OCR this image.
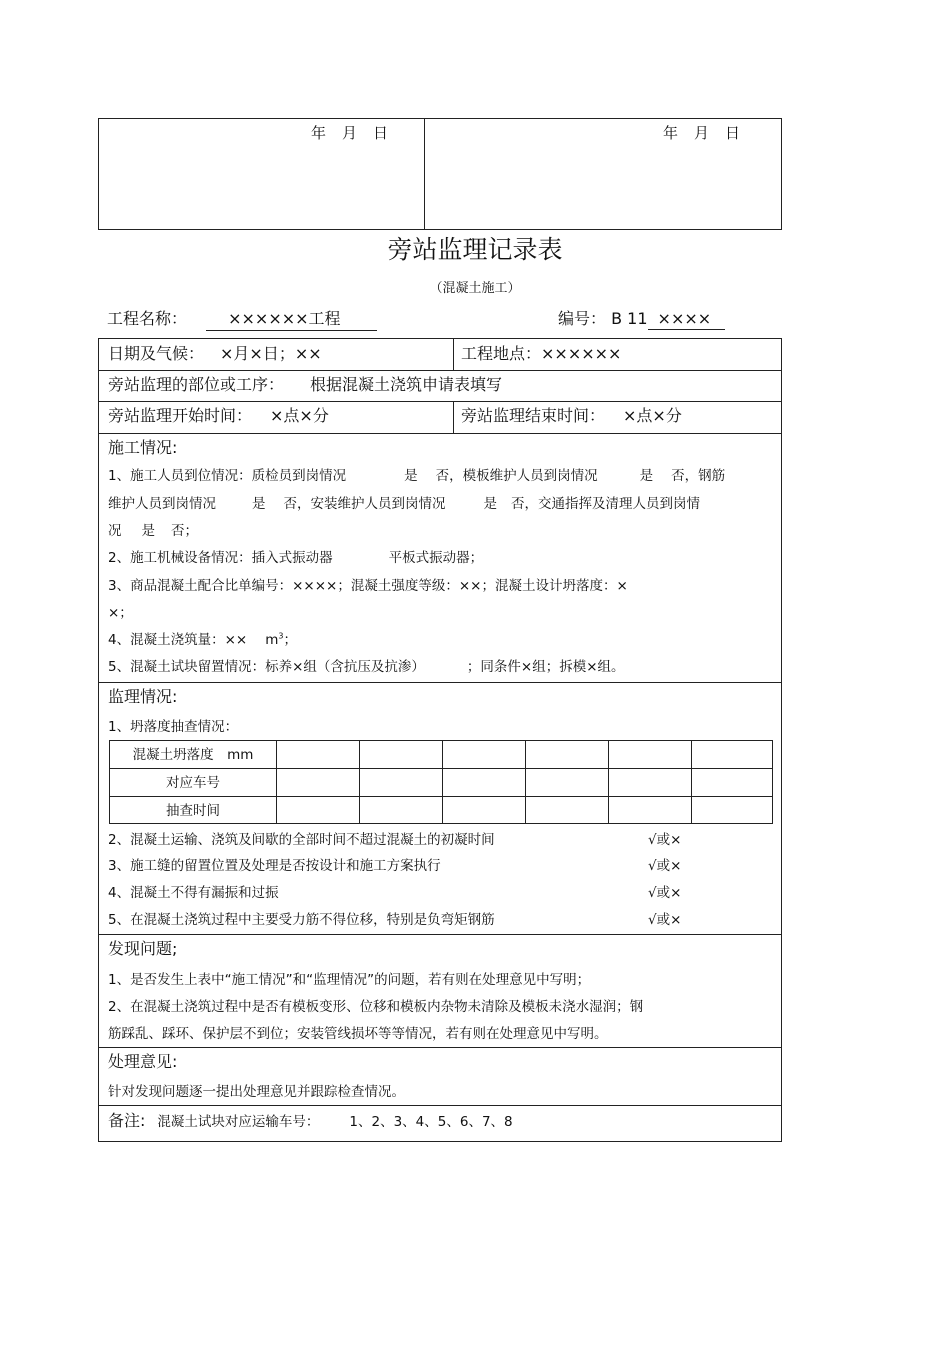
年 月 日	年 月 日
旁站监理记录表
（混凝土施工）
工程名称：	××××××工程	编号： B 11 ××××
日期及气候： ×月×日；××	工程地点：××××××
旁站监理的部位或工序： 根据混凝土浇筑申请表填写
旁站监理开始时间： ×点×分	旁站监理结束时间： ×点×分
施工情况:
1、施工人员到位情况：质检员到岗情况	是 否，模板维护人员到岗情况	是 否，钢筋
维护人员到岗情况	是 否，安装维护人员到岗情况	是 否，交通指挥及清理人员到岗情
况 是 否；
2、施工机械设备情况：插入式振动器	平板式振动器；
3、商品混凝土配合比单编号：××××；混凝土强度等级：××；混凝土设计坍落度：×
×；
4、混凝土浇筑量：×× $m^3$；
5、混凝土试块留置情况：标养×组（含抗压及抗渗）	；同条件×组；拆模×组。
监理情况:
1、坍落度抽查情况：
混凝土坍落度　mm
对应车号
抽查时间
2、混凝土运输、浇筑及间歇的全部时间不超过混凝土的初凝时间	√或×
3、施工缝的留置位置及处理是否按设计和施工方案执行	√或×
4、混凝土不得有漏振和过振	√或×
5、在混凝土浇筑过程中主要受力筋不得位移，特别是负弯矩钢筋	√或×
发现问题;
1、是否发生上表中“施工情况”和“监理情况”的问题，若有则在处理意见中写明；
2、在混凝土浇筑过程中是否有模板变形、位移和模板内杂物未清除及模板未浇水湿润；钢
筋踩乱、踩环、保护层不到位；安装管线损坏等等情况，若有则在处理意见中写明。
处理意见:
针对发现问题逐一提出处理意见并跟踪检查情况。
备注: 混凝土试块对应运输车号： 1、2、3、4、5、6、7、8
